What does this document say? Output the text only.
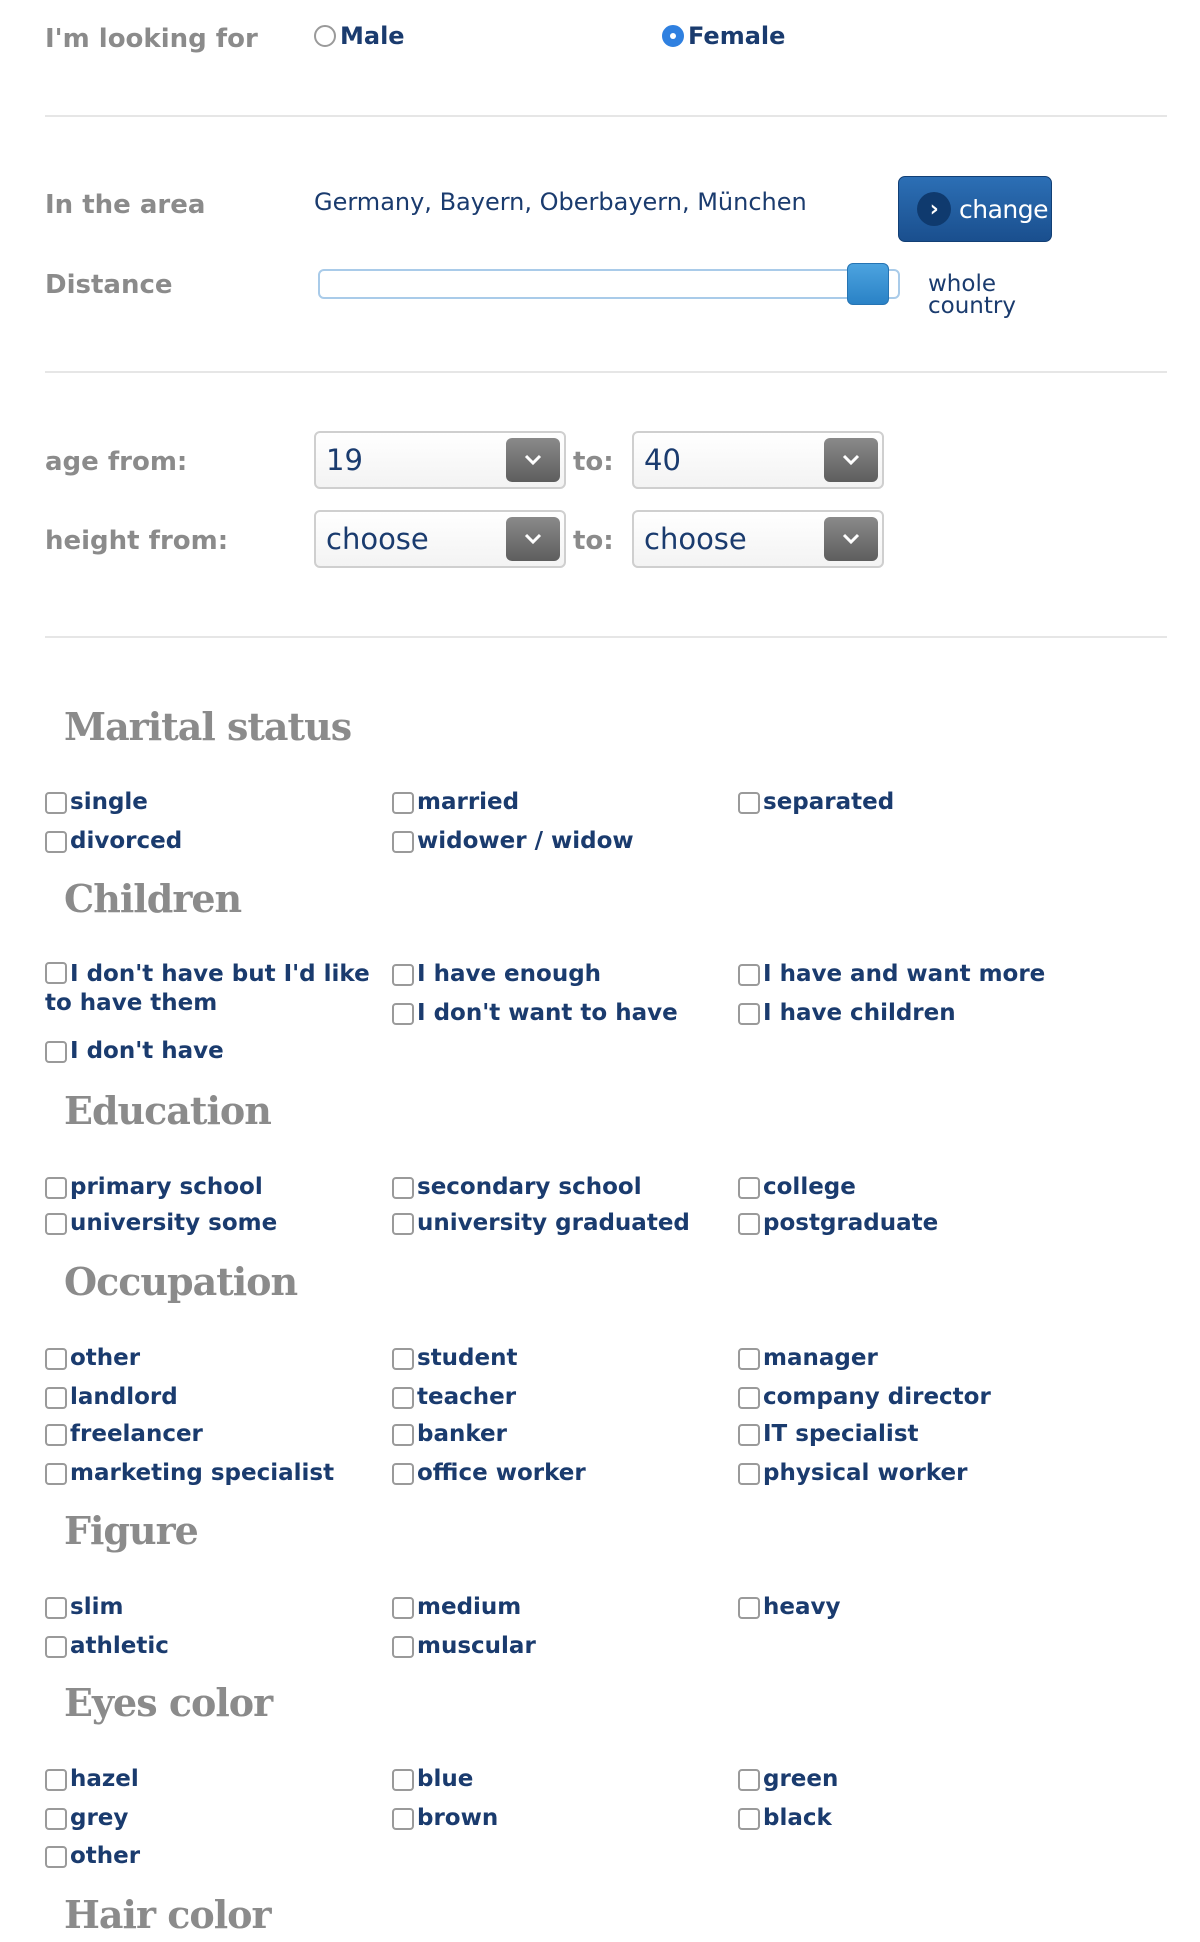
I'm looking for	Male	Female
In the area	Germany, Bayern, Oberbayern, München	› change
Distance	whole
country
age from:	19	to:	40
height from:	choose	to:	choose
Marital status
single	married	separated
divorced	widower / widow
Children
I don't have but I'd like to have them
I have enough	I have and want more
I don't want to have	I have children
I don't have
Education
primary school	secondary school	college
university some	university graduated	postgraduate
Occupation
other	student	manager
landlord	teacher	company director
freelancer	banker	IT specialist
marketing specialist	office worker	physical worker
Figure
slim	medium	heavy
athletic	muscular
Eyes color
hazel	blue	green
grey	brown	black
other
Hair color
